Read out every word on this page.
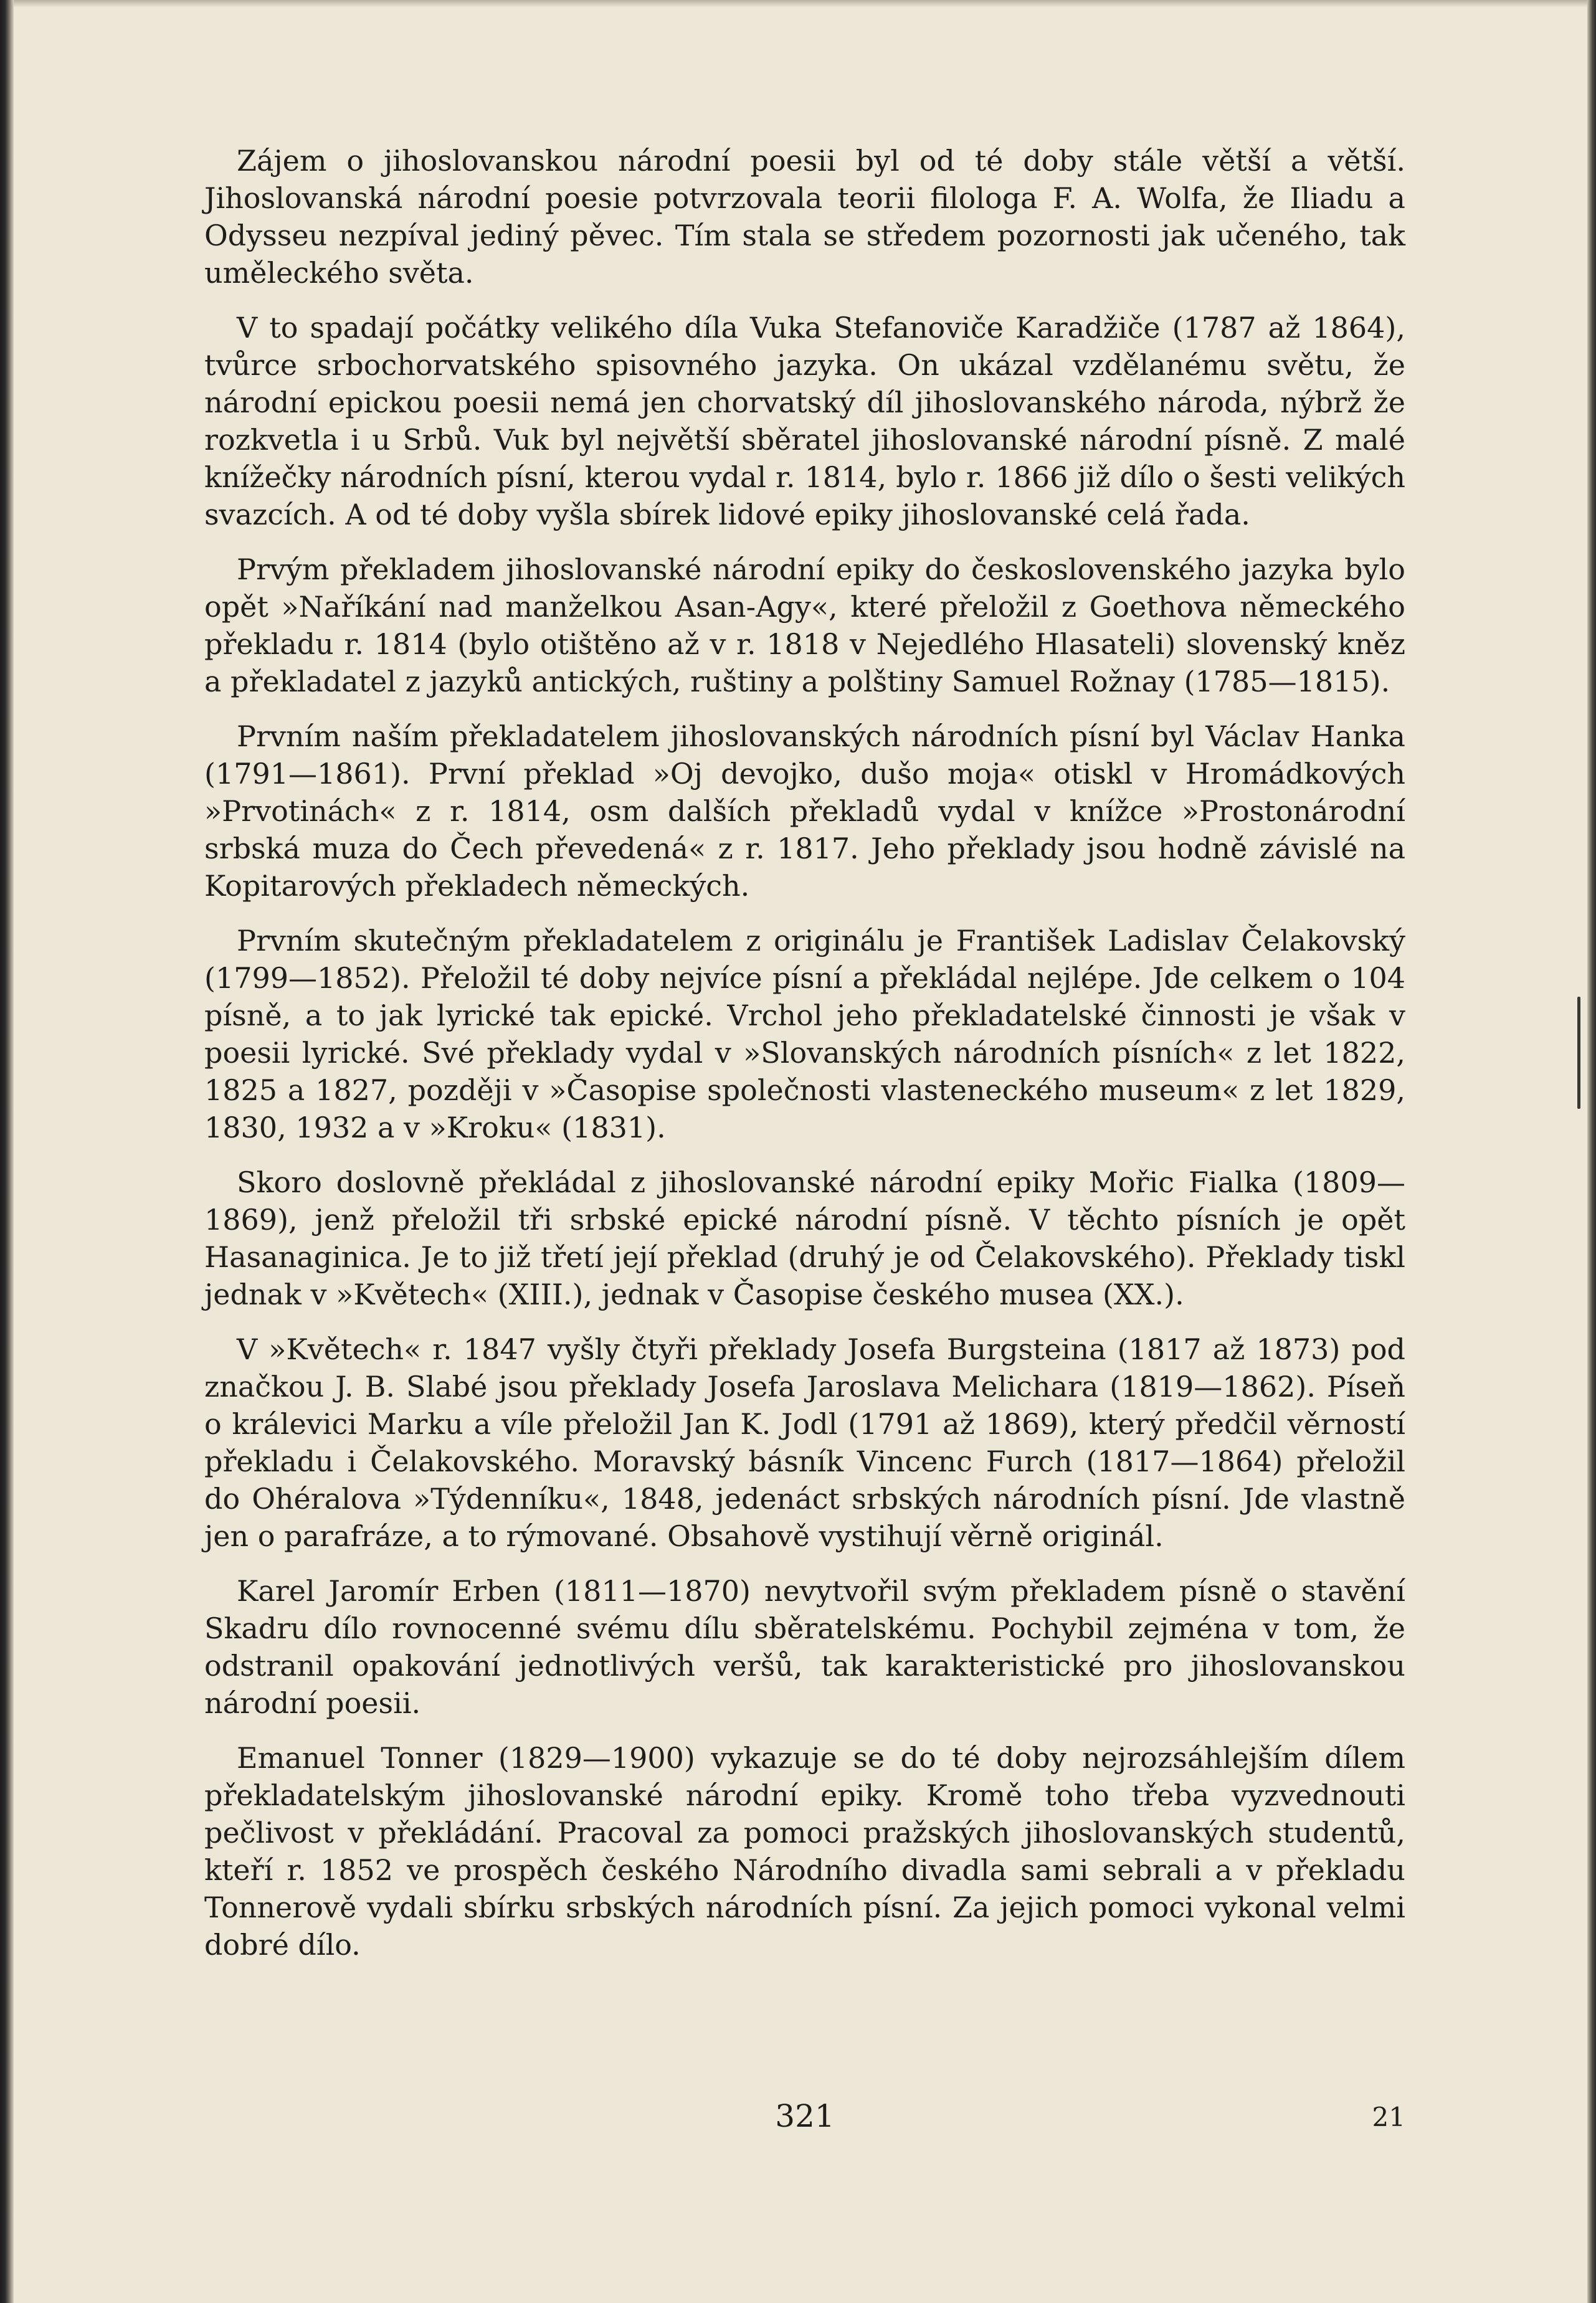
Zájem o jihoslovanskou národní poesii byl od té doby stále větší a větší. Jihoslovanská národní poesie potvrzovala teorii filologa F. A. Wolfa, že Iliadu a Odysseu nezpíval jediný pěvec. Tím stala se středem pozornosti jak učeného, tak uměleckého světa.

V to spadají počátky velikého díla Vuka Stefanoviče Karadžiče (1787 až 1864), tvůrce srbochorvatského spisovného jazyka. On ukázal vzdělanému světu, že národní epickou poesii nemá jen chorvatský díl jihoslovanského národa, nýbrž že rozkvetla i u Srbů. Vuk byl největší sběratel jihoslovanské národní písně. Z malé knížečky národních písní, kterou vydal r. 1814, bylo r. 1866 již dílo o šesti velikých svazcích. A od té doby vyšla sbírek lidové epiky jihoslovanské celá řada.

Prvým překladem jihoslovanské národní epiky do československého jazyka bylo opět »Naříkání nad manželkou Asan-Agy«, které přeložil z Goethova německého překladu r. 1814 (bylo otištěno až v r. 1818 v Nejedlého Hlasateli) slovenský kněz a překladatel z jazyků antických, ruštiny a polštiny Samuel Rožnay (1785—1815).

Prvním naším překladatelem jihoslovanských národních písní byl Václav Hanka (1791—1861). První překlad »Oj devojko, dušo moja« otiskl v Hromádkových »Prvotinách« z r. 1814, osm dalších překladů vydal v knížce »Prostonárodní srbská muza do Čech převedená« z r. 1817. Jeho překlady jsou hodně závislé na Kopitarových překladech německých.

Prvním skutečným překladatelem z originálu je František Ladislav Čelakovský (1799—1852). Přeložil té doby nejvíce písní a překládal nejlépe. Jde celkem o 104 písně, a to jak lyrické tak epické. Vrchol jeho překladatelské činnosti je však v poesii lyrické. Své překlady vydal v »Slovanských národních písních« z let 1822, 1825 a 1827, později v »Časopise společnosti vlasteneckého museum« z let 1829, 1830, 1932 a v »Kroku« (1831).

Skoro doslovně překládal z jihoslovanské národní epiky Mořic Fialka (1809—1869), jenž přeložil tři srbské epické národní písně. V těchto písních je opět Hasanaginica. Je to již třetí její překlad (druhý je od Čelakovského). Překlady tiskl jednak v »Květech« (XIII.), jednak v Časopise českého musea (XX.).

V »Květech« r. 1847 vyšly čtyři překlady Josefa Burgsteina (1817 až 1873) pod značkou J. B. Slabé jsou překlady Josefa Jaroslava Melichara (1819—1862). Píseň o králevici Marku a víle přeložil Jan K. Jodl (1791 až 1869), který předčil věrností překladu i Čelakovského. Moravský básník Vincenc Furch (1817—1864) přeložil do Ohéralova »Týdenníku«, 1848, jedenáct srbských národních písní. Jde vlastně jen o parafráze, a to rýmované. Obsahově vystihují věrně originál.

Karel Jaromír Erben (1811—1870) nevytvořil svým překladem písně o stavění Skadru dílo rovnocenné svému dílu sběratelskému. Pochybil zejména v tom, že odstranil opakování jednotlivých veršů, tak karakteristické pro jihoslovanskou národní poesii.

Emanuel Tonner (1829—1900) vykazuje se do té doby nejrozsáhlejším dílem překladatelským jihoslovanské národní epiky. Kromě toho třeba vyzvednouti pečlivost v překládání. Pracoval za pomoci pražských jihoslovanských studentů, kteří r. 1852 ve prospěch českého Národního divadla sami sebrali a v překladu Tonnerově vydali sbírku srbských národních písní. Za jejich pomoci vykonal velmi dobré dílo.

321	21
